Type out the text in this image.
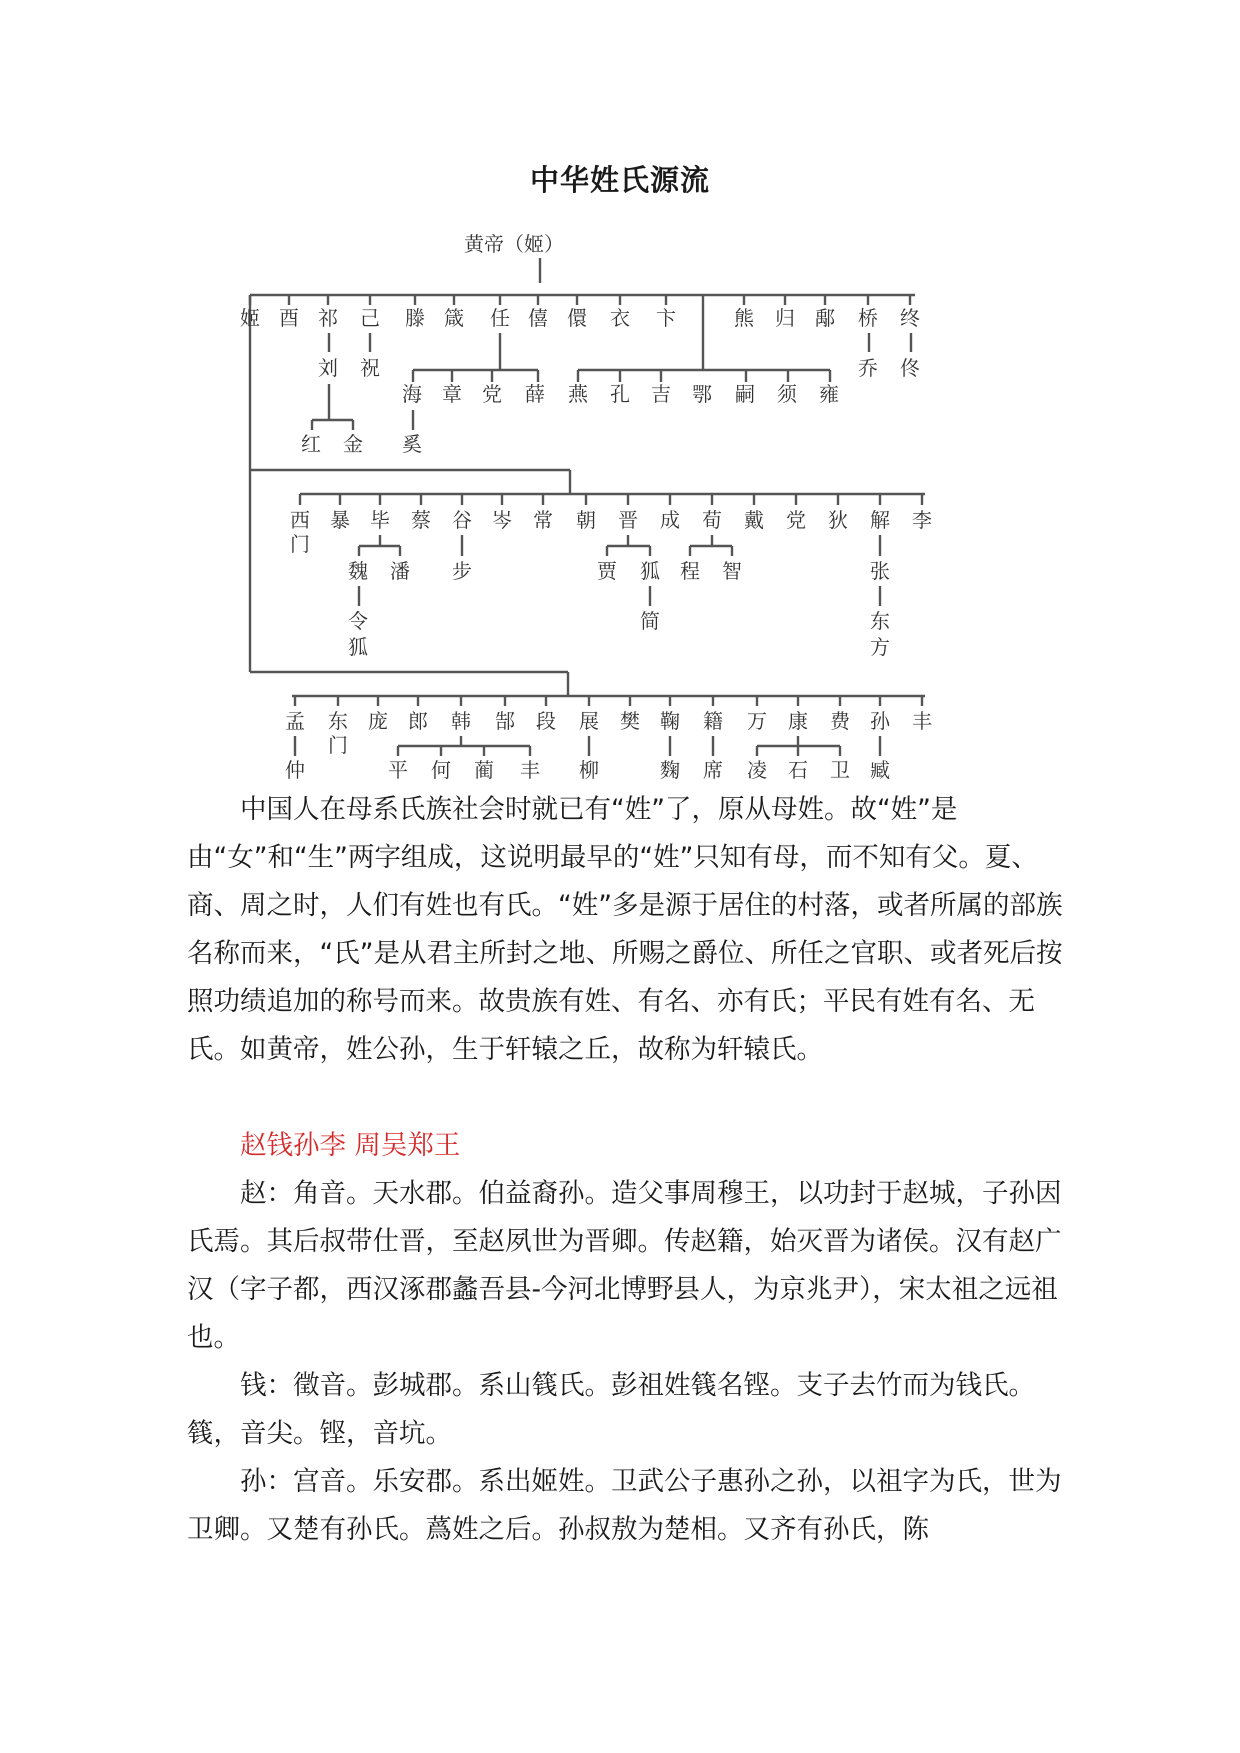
中华姓氏源流
黄帝（姬）
姬 酉 祁 己 滕 箴 任 僖 儇 衣 卞	熊 归 鄅 桥 终
刘 祝	乔 佟
海 章 党 薛 燕 孔 吉 鄂 嗣 须 雍
红 金 奚
西 暴 毕 蔡 谷 岑 常 朝 晋 成 荀 戴 党 狄 解 李
门
魏 潘 步	贾 狐 程 智	张
令	简	东
狐	方
孟 东 庞 郎 韩 郜 段 展 樊 鞠 籍 万 康 费 孙 丰
门
仲	平 何 蔺 丰 柳	麴 席 凌 石 卫 臧

中国人在母系氏族社会时就已有“姓”了，原从母姓。故“姓”是由“女”和“生”两字组成，这说明最早的“姓”只知有母，而不知有父。夏、商、周之时，人们有姓也有氏。“姓”多是源于居住的村落，或者所属的部族名称而来，“氏”是从君主所封之地、所赐之爵位、所任之官职、或者死后按照功绩追加的称号而来。故贵族有姓、有名、亦有氏；平民有姓有名、无氏。如黄帝，姓公孙，生于轩辕之丘，故称为轩辕氏。

赵钱孙李 周吴郑王

赵：角音。天水郡。伯益裔孙。造父事周穆王，以功封于赵城，子孙因氏焉。其后叔带仕晋，至赵夙世为晋卿。传赵籍，始灭晋为诸侯。汉有赵广汉（字子都，西汉涿郡蠡吾县-今河北博野县人，为京兆尹），宋太祖之远祖也。

钱：徵音。彭城郡。系山篯氏。彭祖姓篯名铿。支子去竹而为钱氏。篯，音尖。铿，音坑。

孙：宫音。乐安郡。系出姬姓。卫武公子惠孙之孙，以祖字为氏，世为卫卿。又楚有孙氏。蔿姓之后。孙叔敖为楚相。又齐有孙氏，陈
